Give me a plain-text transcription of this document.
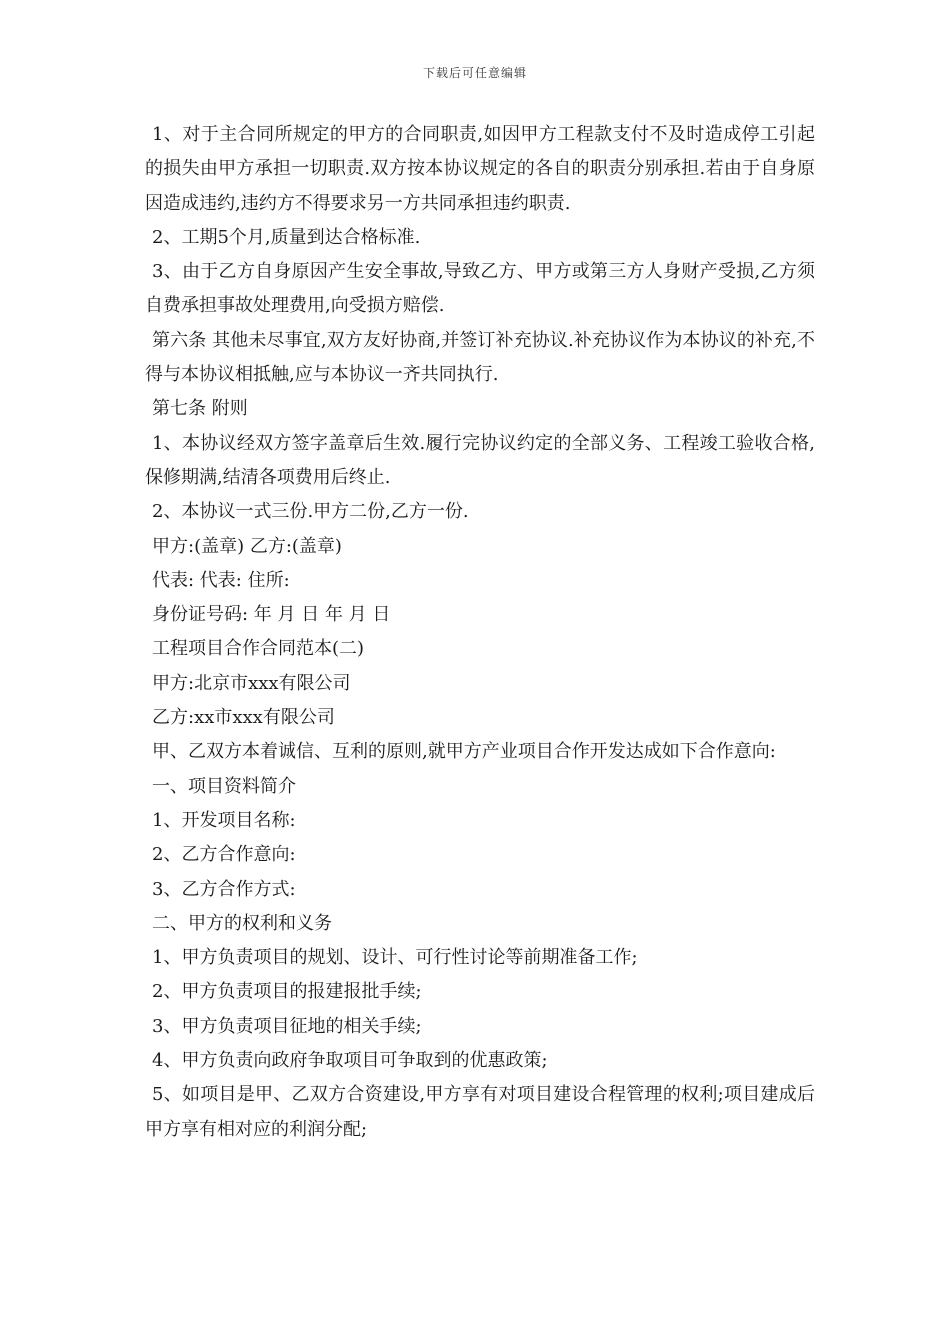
下载后可任意编辑

1、对于主合同所规定的甲方的合同职责,如因甲方工程款支付不及时造成停工引起的损失由甲方承担一切职责.双方按本协议规定的各自的职责分别承担.若由于自身原因造成违约,违约方不得要求另一方共同承担违约职责.

2、工期5个月,质量到达合格标准.

3、由于乙方自身原因产生安全事故,导致乙方、甲方或第三方人身财产受损,乙方须自费承担事故处理费用,向受损方赔偿.

第六条 其他未尽事宜,双方友好协商,并签订补充协议.补充协议作为本协议的补充,不得与本协议相抵触,应与本协议一齐共同执行.

第七条 附则

1、本协议经双方签字盖章后生效.履行完协议约定的全部义务、工程竣工验收合格,保修期满,结清各项费用后终止.

2、本协议一式三份.甲方二份,乙方一份.

甲方:(盖章) 乙方:(盖章)

代表: 代表: 住所:

身份证号码: 年 月 日 年 月 日

工程项目合作合同范本(二)

甲方:北京市xxx有限公司

乙方:xx市xxx有限公司

甲、乙双方本着诚信、互利的原则,就甲方产业项目合作开发达成如下合作意向:

一、项目资料简介

1、开发项目名称:

2、乙方合作意向:

3、乙方合作方式:

二、甲方的权利和义务

1、甲方负责项目的规划、设计、可行性讨论等前期准备工作;

2、甲方负责项目的报建报批手续;

3、甲方负责项目征地的相关手续;

4、甲方负责向政府争取项目可争取到的优惠政策;

5、如项目是甲、乙双方合资建设,甲方享有对项目建设合程管理的权利;项目建成后甲方享有相对应的利润分配;
